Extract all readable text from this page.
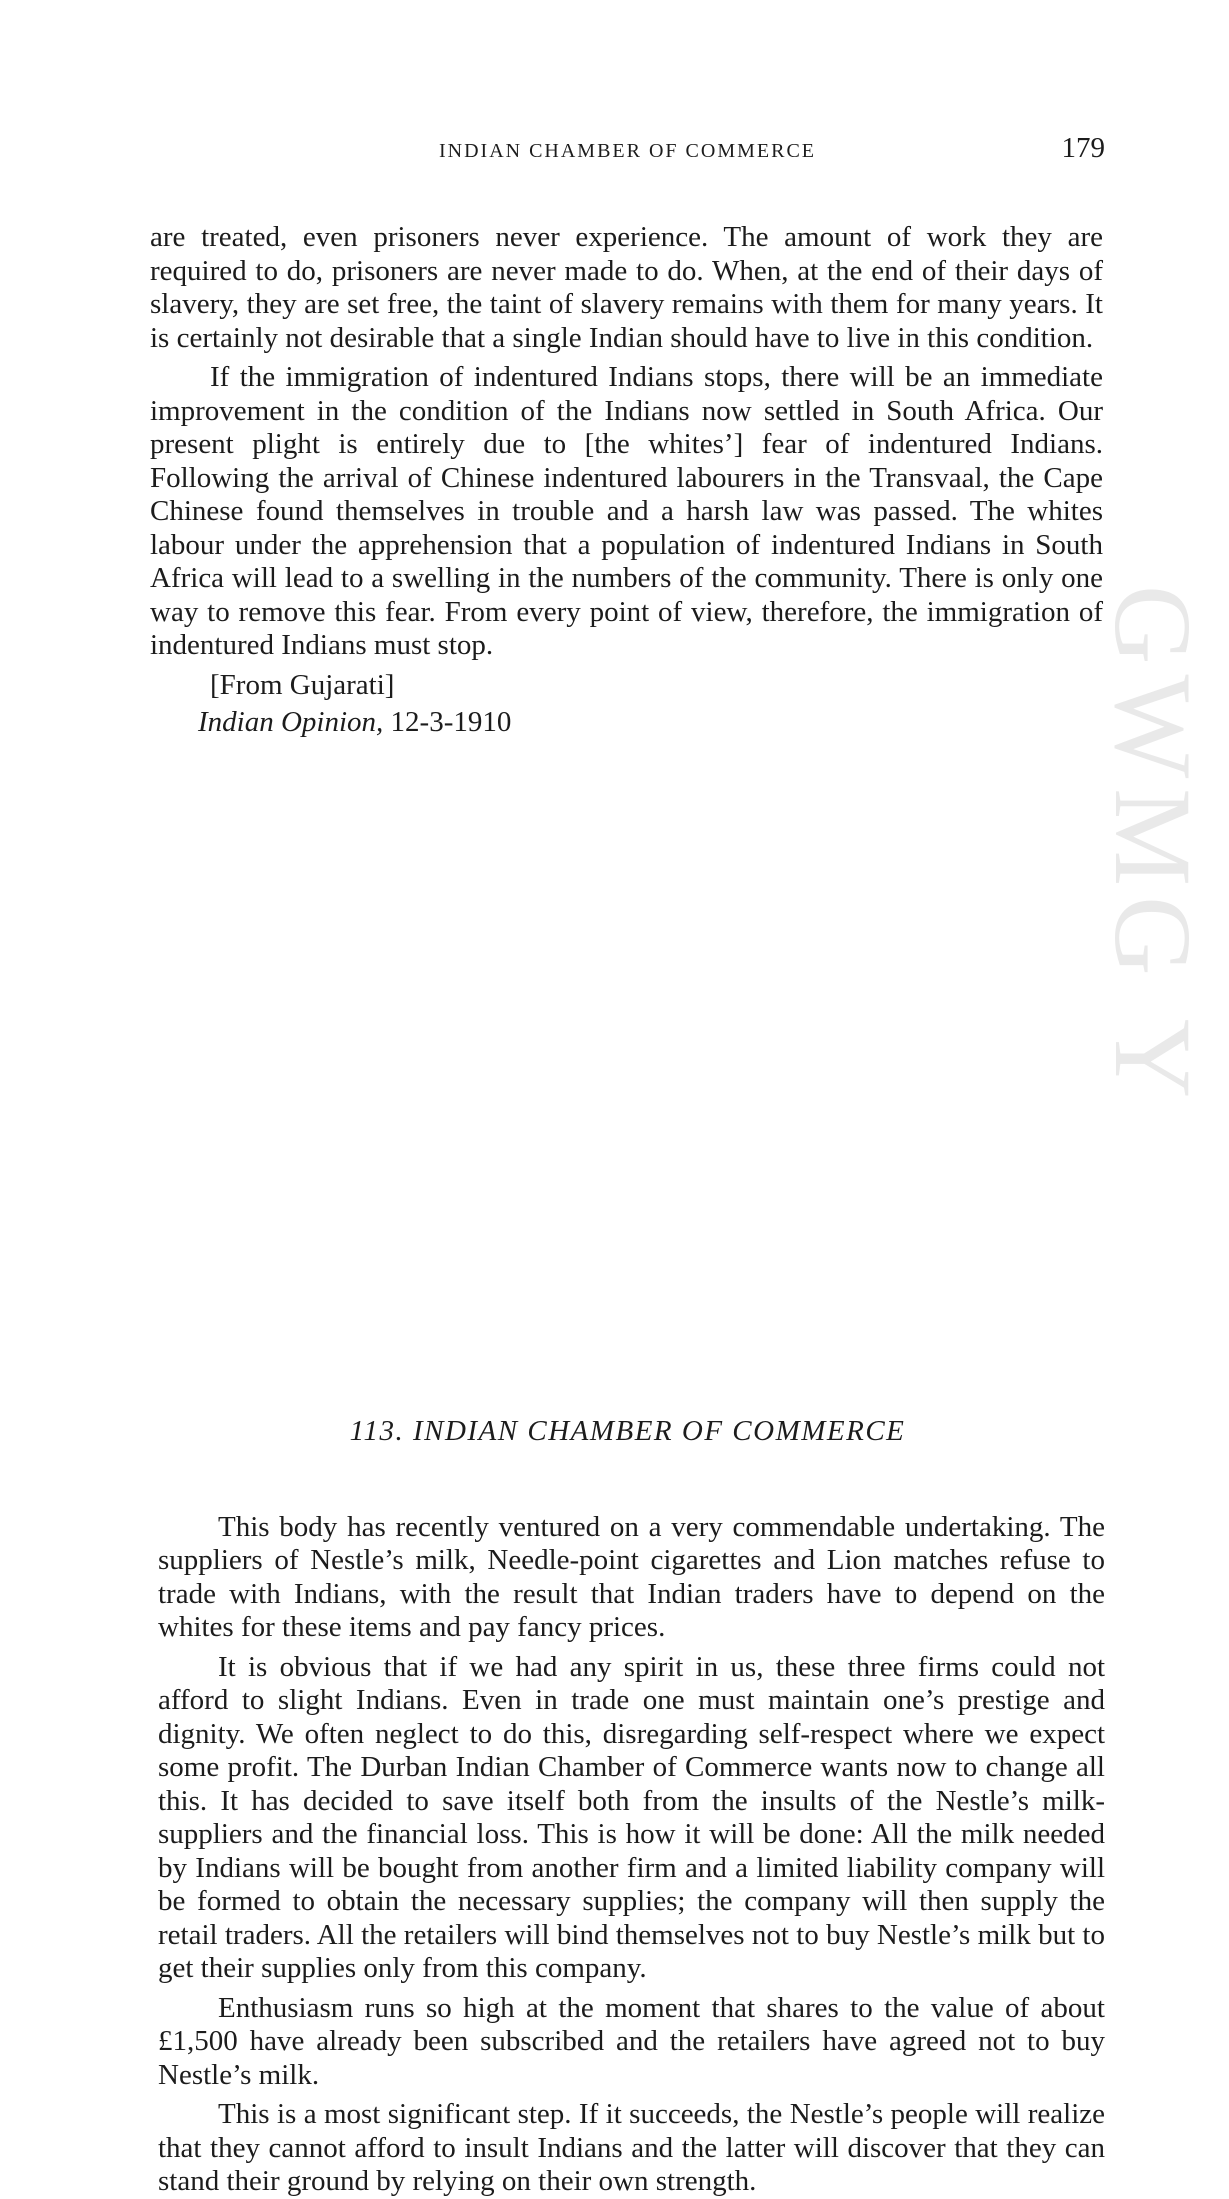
GWMG Y
INDIAN CHAMBER OF COMMERCE	179

are treated, even prisoners never experience. The amount of work they are required to do, prisoners are never made to do. When, at the end of their days of slavery, they are set free, the taint of slavery remains with them for many years. It is certainly not desirable that a single Indian should have to live in this condition.

If the immigration of indentured Indians stops, there will be an immediate improvement in the condition of the Indians now settled in South Africa. Our present plight is entirely due to [the whites’] fear of indentured Indians. Following the arrival of Chinese indentured labourers in the Transvaal, the Cape Chinese found themselves in trouble and a harsh law was passed. The whites labour under the apprehension that a population of indentured Indians in South Africa will lead to a swelling in the numbers of the community. There is only one way to remove this fear. From every point of view, therefore, the immigration of indentured Indians must stop.

[From Gujarati]

Indian Opinion, 12-3-1910

113. INDIAN CHAMBER OF COMMERCE

This body has recently ventured on a very commendable undertaking. The suppliers of Nestle’s milk, Needle-point cigarettes and Lion matches refuse to trade with Indians, with the result that Indian traders have to depend on the whites for these items and pay fancy prices.

It is obvious that if we had any spirit in us, these three firms could not afford to slight Indians. Even in trade one must maintain one’s prestige and dignity. We often neglect to do this, disregarding self-respect where we expect some profit. The Durban Indian Chamber of Commerce wants now to change all this. It has decided to save itself both from the insults of the Nestle’s milk-suppliers and the financial loss. This is how it will be done: All the milk needed by Indians will be bought from another firm and a limited liability company will be formed to obtain the necessary supplies; the company will then supply the retail traders. All the retailers will bind themselves not to buy Nestle’s milk but to get their supplies only from this company.

Enthusiasm runs so high at the moment that shares to the value of about £1,500 have already been subscribed and the retailers have agreed not to buy Nestle’s milk.

This is a most significant step. If it succeeds, the Nestle’s people will realize that they cannot afford to insult Indians and the latter will discover that they can stand their ground by relying on their own strength.
